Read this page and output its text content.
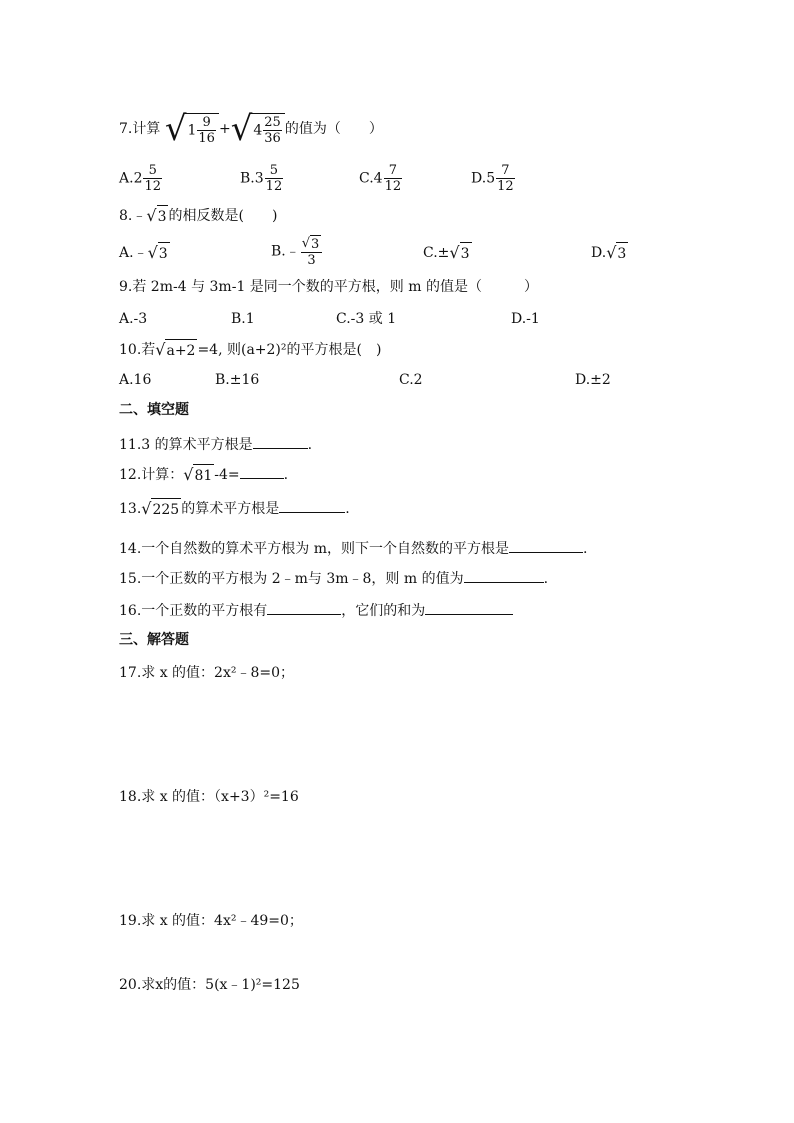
7.计算 $√1 \frac{9}{16} +√4 \frac{25}{36}$ 的值为（　　）
$A.2 \frac{5}{12}$	$B.3 \frac{5}{12}$	$C.4 \frac{7}{12}$	$D.5 \frac{7}{12}$
8.﹣√3 的相反数是(　　)
A.﹣√3	B.﹣ $\frac{√3}{3}$	C.±√3	D.√3
9.若 2m-4 与 3m-1 是同一个数的平方根，则 m 的值是（　　　）
A.-3	B.1	C.-3 或 1	D.-1
10.若√a+2 =4, 则(a+2)²的平方根是(　)
A.16	B.±16	C.2	D.±2
二、填空题
11.3 的算术平方根是	.
12.计算：√81 -4=	.
13.√225 的算术平方根是	.
14.一个自然数的算术平方根为 m，则下一个自然数的平方根是	.
15.一个正数的平方根为 2﹣m与 3m﹣8，则 m 的值为	.
16.一个正数的平方根有	，它们的和为
三、解答题
17.求 x 的值：2x²﹣8=0；
18.求 x 的值：（x+3）²=16
19.求 x 的值：4x²﹣49=0；
20.求x的值：5(x﹣1)²=125
